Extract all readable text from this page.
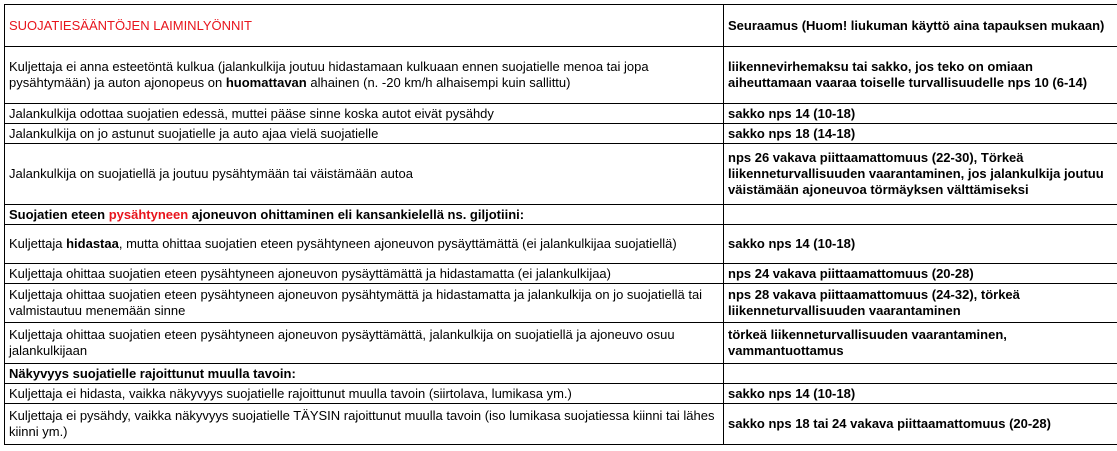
SUOJATIESÄÄNTÖJEN LAIMINLYÖNNIT	Seuraamus (Huom! liukuman käyttö aina tapauksen mukaan)
Kuljettaja ei anna esteetöntä kulkua (jalankulkija joutuu hidastamaan kulkuaan ennen suojatielle menoa tai jopa pysähtymään) ja auton ajonopeus on huomattavan alhainen (n. -20 km/h alhaisempi kuin sallittu)	liikennevirhemaksu tai sakko, jos teko on omiaan aiheuttamaan vaaraa toiselle turvallisuudelle nps 10 (6-14)
Jalankulkija odottaa suojatien edessä, muttei pääse sinne koska autot eivät pysähdy	sakko nps 14 (10-18)
Jalankulkija on jo astunut suojatielle ja auto ajaa vielä suojatielle	sakko nps 18 (14-18)
Jalankulkija on suojatiellä ja joutuu pysähtymään tai väistämään autoa	nps 26 vakava piittaamattomuus (22-30), Törkeä liikenneturvallisuuden vaarantaminen, jos jalankulkija joutuu väistämään ajoneuvoa törmäyksen välttämiseksi
Suojatien eteen pysähtyneen ajoneuvon ohittaminen eli kansankielellä ns. giljotiini:	
Kuljettaja hidastaa, mutta ohittaa suojatien eteen pysähtyneen ajoneuvon pysäyttämättä (ei jalankulkijaa suojatiellä)	sakko nps 14 (10-18)
Kuljettaja ohittaa suojatien eteen pysähtyneen ajoneuvon pysäyttämättä ja hidastamatta (ei jalankulkijaa)	nps 24 vakava piittaamattomuus (20-28)
Kuljettaja ohittaa suojatien eteen pysähtyneen ajoneuvon pysähtymättä ja hidastamatta ja jalankulkija on jo suojatiellä tai valmistautuu menemään sinne	nps 28 vakava piittaamattomuus (24-32), törkeä liikenneturvallisuuden vaarantaminen
Kuljettaja ohittaa suojatien eteen pysähtyneen ajoneuvon pysäyttämättä, jalankulkija on suojatiellä ja ajoneuvo osuu jalankulkijaan	törkeä liikenneturvallisuuden vaarantaminen, vammantuottamus
Näkyvyys suojatielle rajoittunut muulla tavoin:	
Kuljettaja ei hidasta, vaikka näkyvyys suojatielle rajoittunut muulla tavoin (siirtolava, lumikasa ym.)	sakko nps 14 (10-18)
Kuljettaja ei pysähdy, vaikka näkyvyys suojatielle TÄYSIN rajoittunut muulla tavoin (iso lumikasa suojatiessa kiinni tai lähes kiinni ym.)	sakko nps 18 tai 24 vakava piittaamattomuus (20-28)
